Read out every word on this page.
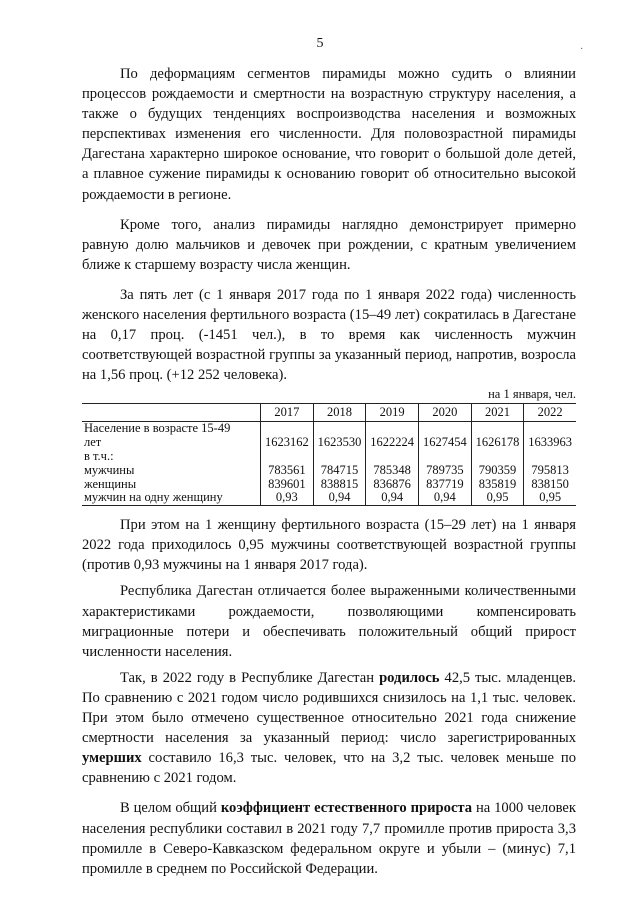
5	·

По деформациям сегментов пирамиды можно судить о влиянии процессов рождаемости и смертности на возрастную структуру населения, а также о будущих тенденциях воспроизводства населения и возможных перспективах изменения его численности. Для половозрастной пирамиды Дагестана характерно широкое основание, что говорит о большой доле детей, а плавное сужение пирамиды к основанию говорит об относительно высокой рождаемости в регионе.

Кроме того, анализ пирамиды наглядно демонстрирует примерно равную долю мальчиков и девочек при рождении, с кратным увеличением ближе к старшему возрасту числа женщин.

За пять лет (с 1 января 2017 года по 1 января 2022 года) численность женского населения фертильного возраста (15–49 лет) сократилась в Дагестане на 0,17 проц. (-1451 чел.), в то время как численность мужчин соответствующей возрастной группы за указанный период, напротив, возросла на 1,56 проц. (+12 252 человека).

на 1 января, чел.
	2017	2018	2019	2020	2021	2022
Население в возрасте 15-49						
лет	1623162	1623530	1622224	1627454	1626178	1633963
в т.ч.:						
мужчины	783561	784715	785348	789735	790359	795813
женщины	839601	838815	836876	837719	835819	838150
мужчин на одну женщину	0,93	0,94	0,94	0,94	0,95	0,95

При этом на 1 женщину фертильного возраста (15–29 лет) на 1 января 2022 года приходилось 0,95 мужчины соответствующей возрастной группы (против 0,93 мужчины на 1 января 2017 года).

Республика Дагестан отличается более выраженными количественными характеристиками рождаемости, позволяющими компенсировать миграционные потери и обеспечивать положительный общий прирост численности населения.

Так, в 2022 году в Республике Дагестан родилось 42,5 тыс. младенцев. По сравнению с 2021 годом число родившихся снизилось на 1,1 тыс. человек. При этом было отмечено существенное относительно 2021 года снижение смертности населения за указанный период: число зарегистрированных умерших составило 16,3 тыс. человек, что на 3,2 тыс. человек меньше по сравнению с 2021 годом.

В целом общий коэффициент естественного прироста на 1000 человек населения республики составил в 2021 году 7,7 промилле против прироста 3,3 промилле в Северо-Кавказском федеральном округе и убыли – (минус) 7,1 промилле в среднем по Российской Федерации.
